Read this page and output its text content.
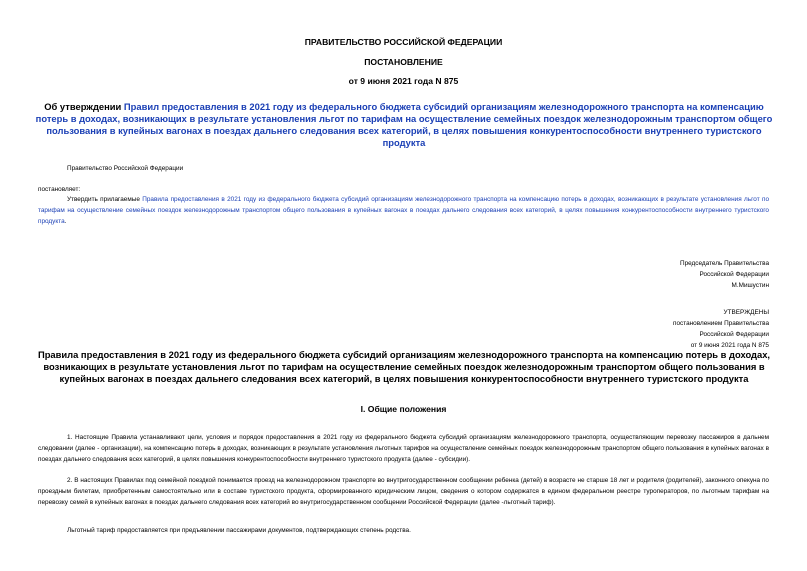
ПРАВИТЕЛЬСТВО РОССИЙСКОЙ ФЕДЕРАЦИИ
ПОСТАНОВЛЕНИЕ
от 9 июня 2021 года N 875
Об утверждении Правил предоставления в 2021 году из федерального бюджета субсидий организациям железнодорожного транспорта на компенсацию потерь в доходах, возникающих в результате установления льгот по тарифам на осуществление семейных поездок железнодорожным транспортом общего пользования в купейных вагонах в поездах дальнего следования всех категорий, в целях повышения конкурентоспособности внутреннего туристского продукта
Правительство Российской Федерации
постановляет:
Утвердить прилагаемые Правила предоставления в 2021 году из федерального бюджета субсидий организациям железнодорожного транспорта на компенсацию потерь в доходах, возникающих в результате установления льгот по тарифам на осуществление семейных поездок железнодорожным транспортом общего пользования в купейных вагонах в поездах дальнего следования всех категорий, в целях повышения конкурентоспособности внутреннего туристского продукта.
Председатель Правительства
Российской Федерации
М.Мишустин
УТВЕРЖДЕНЫ
постановлением Правительства
Российской Федерации
от 9 июня 2021 года N 875
Правила предоставления в 2021 году из федерального бюджета субсидий организациям железнодорожного транспорта на компенсацию потерь в доходах, возникающих в результате установления льгот по тарифам на осуществление семейных поездок железнодорожным транспортом общего пользования в купейных вагонах в поездах дальнего следования всех категорий, в целях повышения конкурентоспособности внутреннего туристского продукта
I. Общие положения
1. Настоящие Правила устанавливают цели, условия и порядок предоставления в 2021 году из федерального бюджета субсидий организациям железнодорожного транспорта, осуществляющим перевозку пассажиров в дальнем следовании (далее - организации), на компенсацию потерь в доходах, возникающих в результате установления льготных тарифов на осуществление семейных поездок железнодорожным транспортом общего пользования в купейных вагонах в поездах дальнего следования всех категорий, в целях повышения конкурентоспособности внутреннего туристского продукта (далее - субсидии).
2. В настоящих Правилах под семейной поездкой понимается проезд на железнодорожном транспорте во внутригосударственном сообщении ребенка (детей) в возрасте не старше 18 лет и родителя (родителей), законного опекуна по проездным билетам, приобретенным самостоятельно или в составе туристского продукта, сформированного юридическим лицом, сведения о котором содержатся в едином федеральном реестре туроператоров, по льготным тарифам на перевозку семей в купейных вагонах в поездах дальнего следования всех категорий во внутригосударственном сообщении Российской Федерации (далее -льготный тариф).
Льготный тариф предоставляется при предъявлении пассажирами документов, подтверждающих степень родства.
